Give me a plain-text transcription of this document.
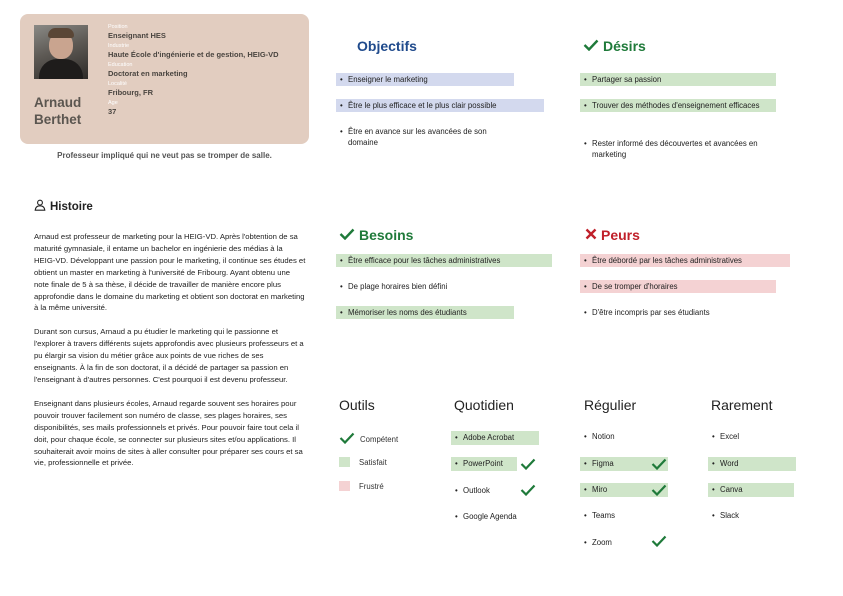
Arnaud
Berthet
Position
Enseignant HES
Industrie
Haute École d'ingénierie et de gestion, HEIG-VD
Education
Doctorat en marketing
Localité
Fribourg, FR
Age
37
Professeur impliqué qui ne veut pas se tromper de salle.
Histoire

Arnaud est professeur de marketing pour la HEIG-VD. Après l'obtention de sa maturité gymnasiale, il entame un bachelor en ingénierie des médias à la HEIG-VD. Développant une passion pour le marketing, il continue ses études et obtient un master en marketing à l'université de Fribourg. Ayant obtenu une note finale de 5 à sa thèse, il décide de travailler de manière encore plus approfondie dans le domaine du marketing et obtient son doctorat en marketing à la même université.

Durant son cursus, Arnaud a pu étudier le marketing qui le passionne et l'explorer à travers différents sujets approfondis avec plusieurs professeurs et a pu élargir sa vision du métier grâce aux points de vue riches de ses enseignants. À la fin de son doctorat, il a décidé de partager sa passion en l'enseignant à d'autres personnes. C'est pourquoi il est devenu professeur.

Enseignant dans plusieurs écoles, Arnaud regarde souvent ses horaires pour pouvoir trouver facilement son numéro de classe, ses plages horaires, ses disponibilités, ses mails professionnels et privés. Pour pouvoir faire tout cela il doit, pour chaque école, se connecter sur plusieurs sites et/ou applications. Il souhaiterait avoir moins de sites à aller consulter pour préparer ses cours et sa vie, professionnelle et privée.

Objectifs
• Enseigner le marketing
• Être le plus efficace et le plus clair possible
• Être en avance sur les avancées de son domaine
Désirs
• Partager sa passion
• Trouver des méthodes d'enseignement efficaces
• Rester informé des découvertes et avancées en marketing
Besoins
• Être efficace pour les tâches administratives
• De plage horaires bien défini
• Mémoriser les noms des étudiants
Peurs
• Être débordé par les tâches administratives
• De se tromper d'horaires
• D'être incompris par ses étudiants
Outils
Compétent
Satisfait
Frustré
Quotidien
• Adobe Acrobat
• PowerPoint
• Outlook
• Google Agenda
Régulier
• Notion
• Figma
• Miro
• Teams
• Zoom
Rarement
• Excel
• Word
• Canva
• Slack
